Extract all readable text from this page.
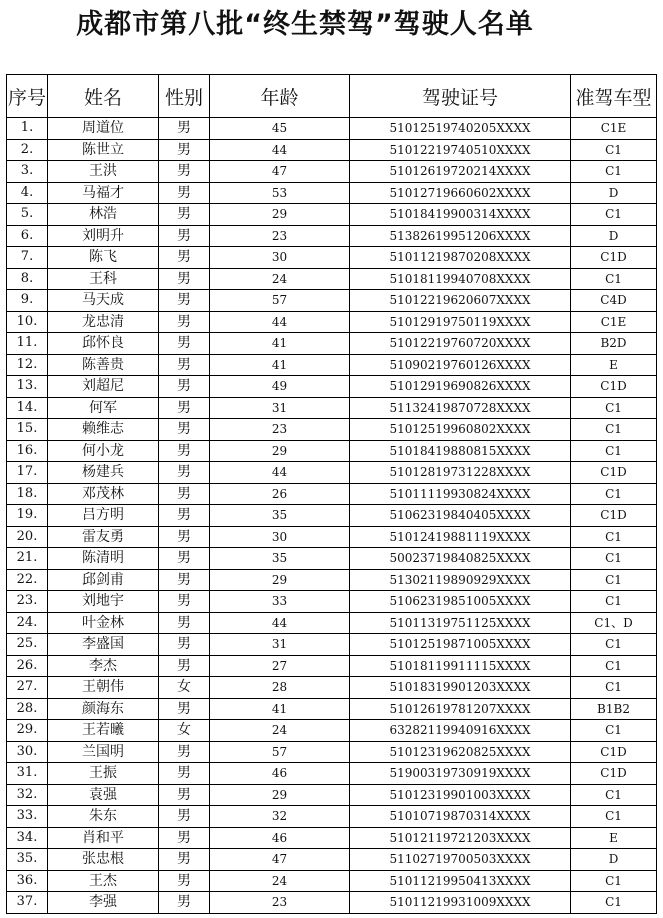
成都市第八批“终生禁驾”驾驶人名单
序号	姓名	性别	年龄	驾驶证号	准驾车型
1.	周道位	男	45	51012519740205XXXX	C1E
2.	陈世立	男	44	51012219740510XXXX	C1
3.	王洪	男	47	51012619720214XXXX	C1
4.	马福才	男	53	51012719660602XXXX	D
5.	林浩	男	29	51018419900314XXXX	C1
6.	刘明升	男	23	51382619951206XXXX	D
7.	陈飞	男	30	51011219870208XXXX	C1D
8.	王科	男	24	51018119940708XXXX	C1
9.	马天成	男	57	51012219620607XXXX	C4D
10.	龙忠清	男	44	51012919750119XXXX	C1E
11.	邱怀良	男	41	51012219760720XXXX	B2D
12.	陈善贵	男	41	51090219760126XXXX	E
13.	刘超尼	男	49	51012919690826XXXX	C1D
14.	何军	男	31	51132419870728XXXX	C1
15.	赖维志	男	23	51012519960802XXXX	C1
16.	何小龙	男	29	51018419880815XXXX	C1
17.	杨建兵	男	44	51012819731228XXXX	C1D
18.	邓茂林	男	26	51011119930824XXXX	C1
19.	吕方明	男	35	51062319840405XXXX	C1D
20.	雷友勇	男	30	51012419881119XXXX	C1
21.	陈清明	男	35	50023719840825XXXX	C1
22.	邱剑甫	男	29	51302119890929XXXX	C1
23.	刘地宇	男	33	51062319851005XXXX	C1
24.	叶金林	男	44	51011319751125XXXX	C1、D
25.	李盛国	男	31	51012519871005XXXX	C1
26.	李杰	男	27	51018119911115XXXX	C1
27.	王朝伟	女	28	51018319901203XXXX	C1
28.	颜海东	男	41	51012619781207XXXX	B1B2
29.	王若曦	女	24	63282119940916XXXX	C1
30.	兰国明	男	57	51012319620825XXXX	C1D
31.	王振	男	46	51900319730919XXXX	C1D
32.	袁强	男	29	51012319901003XXXX	C1
33.	朱东	男	32	51010719870314XXXX	C1
34.	肖和平	男	46	51012119721203XXXX	E
35.	张忠根	男	47	51102719700503XXXX	D
36.	王杰	男	24	51011219950413XXXX	C1
37.	李强	男	23	51011219931009XXXX	C1
